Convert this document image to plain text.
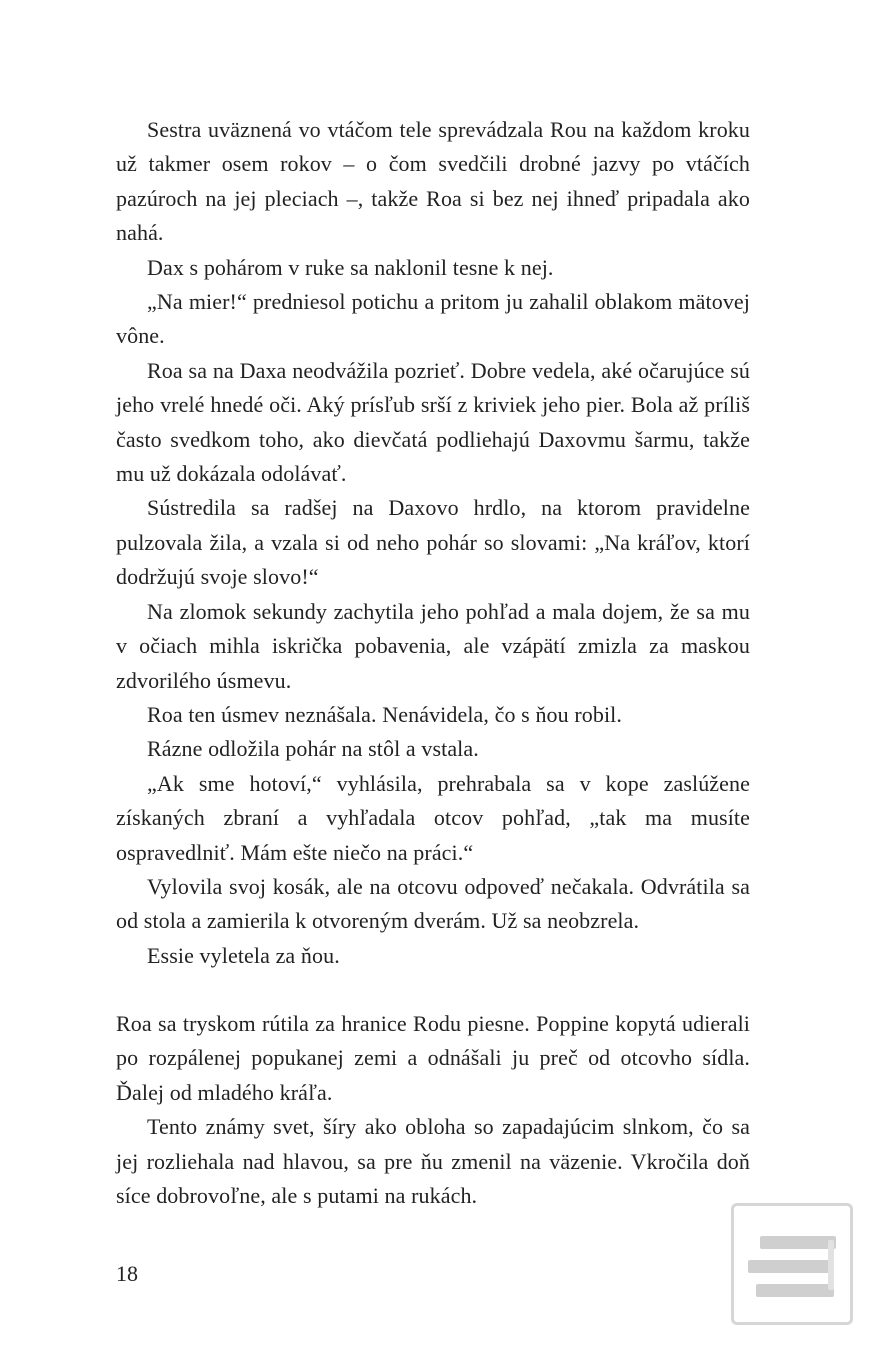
Sestra uväznená vo vtáčom tele sprevádzala Rou na každom kroku už takmer osem rokov – o čom svedčili drobné jazvy po vtáčích pazúroch na jej pleciach –, takže Roa si bez nej ihneď pripadala ako nahá.

Dax s pohárom v ruke sa naklonil tesne k nej.

„Na mier!“ predniesol potichu a pritom ju zahalil oblakom mätovej vône.

Roa sa na Daxa neodvážila pozrieť. Dobre vedela, aké očarujúce sú jeho vrelé hnedé oči. Aký prísľub srší z kriviek jeho pier. Bola až príliš často svedkom toho, ako dievčatá podliehajú Daxovmu šarmu, takže mu už dokázala odolávať.

Sústredila sa radšej na Daxovo hrdlo, na ktorom pravidelne pulzovala žila, a vzala si od neho pohár so slovami: „Na kráľov, ktorí dodržujú svoje slovo!“

Na zlomok sekundy zachytila jeho pohľad a mala dojem, že sa mu v očiach mihla iskrička pobavenia, ale vzápätí zmizla za maskou zdvorilého úsmevu.

Roa ten úsmev neznášala. Nenávidela, čo s ňou robil.

Rázne odložila pohár na stôl a vstala.

„Ak sme hotoví,“ vyhlásila, prehrabala sa v kope zaslúžene získaných zbraní a vyhľadala otcov pohľad, „tak ma musíte ospravedlniť. Mám ešte niečo na práci.“

Vylovila svoj kosák, ale na otcovu odpoveď nečakala. Odvrátila sa od stola a zamierila k otvoreným dverám. Už sa neobzrela.

Essie vyletela za ňou.

Roa sa tryskom rútila za hranice Rodu piesne. Poppine kopytá udierali po rozpálenej popukanej zemi a odnášali ju preč od otcovho sídla. Ďalej od mladého kráľa.

Tento známy svet, šíry ako obloha so zapadajúcim slnkom, čo sa jej rozliehala nad hlavou, sa pre ňu zmenil na väzenie. Vkročila doň síce dobrovoľne, ale s putami na rukách.

18
